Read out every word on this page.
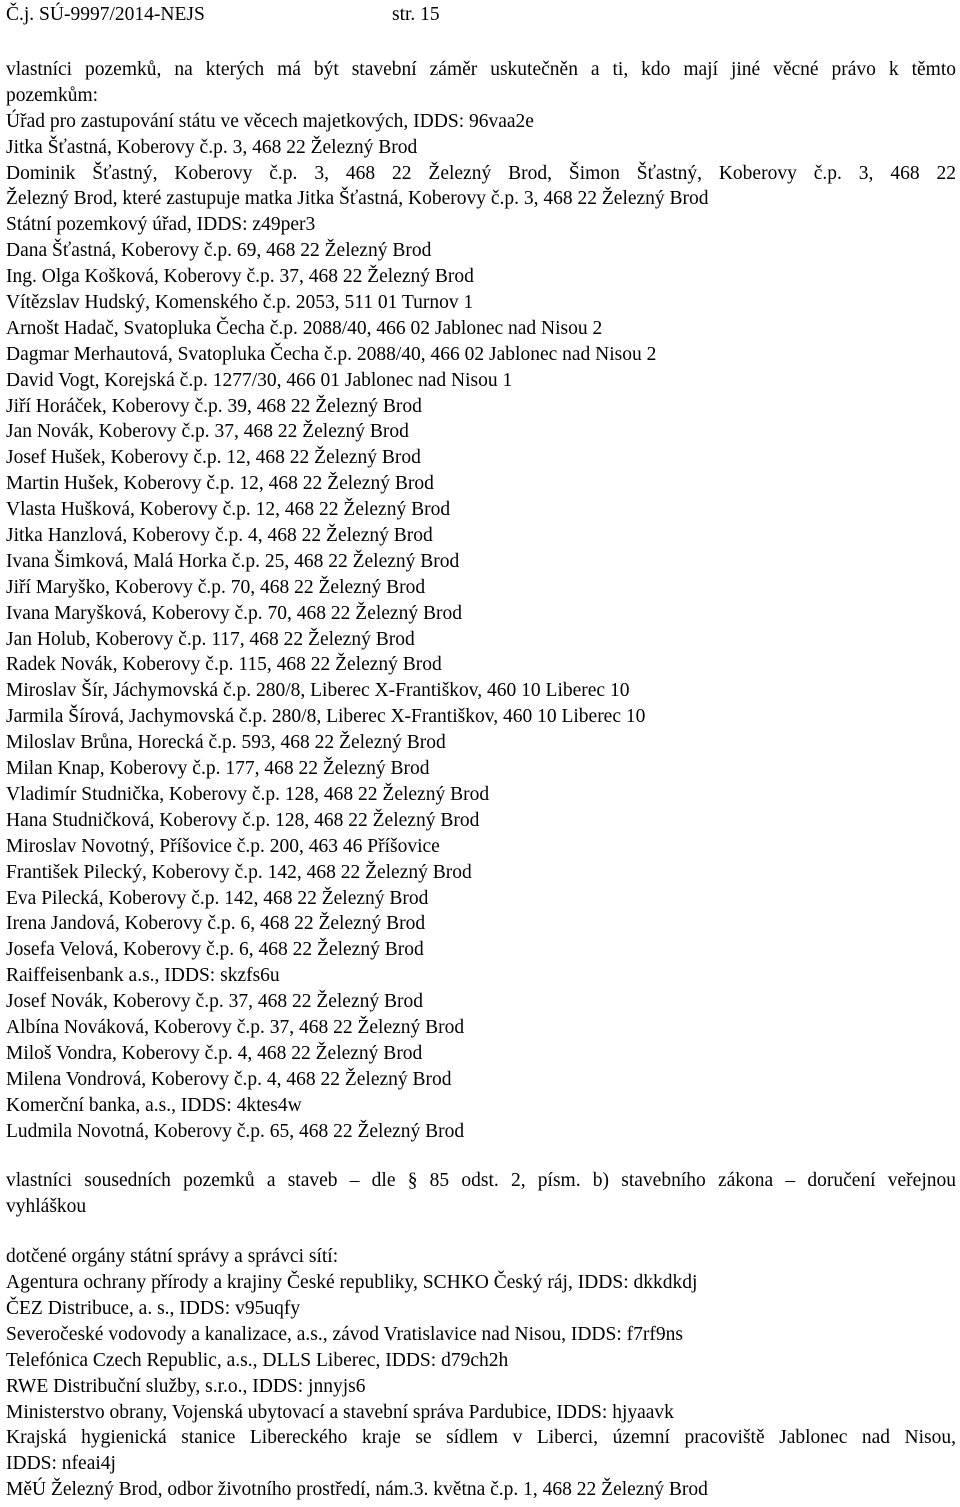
Č.j. SÚ-9997/2014-NEJS	str. 15
vlastníci pozemků, na kterých má být stavební záměr uskutečněn a ti, kdo mají jiné věcné právo k těmto
pozemkům:
Úřad pro zastupování státu ve věcech majetkových, IDDS: 96vaa2e
Jitka Šťastná, Koberovy č.p. 3, 468 22 Železný Brod
Dominik Šťastný, Koberovy č.p. 3, 468 22 Železný Brod, Šimon Šťastný, Koberovy č.p. 3, 468 22
Železný Brod, které zastupuje matka Jitka Šťastná, Koberovy č.p. 3, 468 22 Železný Brod
Státní pozemkový úřad, IDDS: z49per3
Dana Šťastná, Koberovy č.p. 69, 468 22 Železný Brod
Ing. Olga Košková, Koberovy č.p. 37, 468 22 Železný Brod
Vítězslav Hudský, Komenského č.p. 2053, 511 01 Turnov 1
Arnošt Hadač, Svatopluka Čecha č.p. 2088/40, 466 02 Jablonec nad Nisou 2
Dagmar Merhautová, Svatopluka Čecha č.p. 2088/40, 466 02 Jablonec nad Nisou 2
David Vogt, Korejská č.p. 1277/30, 466 01 Jablonec nad Nisou 1
Jiří Horáček, Koberovy č.p. 39, 468 22 Železný Brod
Jan Novák, Koberovy č.p. 37, 468 22 Železný Brod
Josef Hušek, Koberovy č.p. 12, 468 22 Železný Brod
Martin Hušek, Koberovy č.p. 12, 468 22 Železný Brod
Vlasta Hušková, Koberovy č.p. 12, 468 22 Železný Brod
Jitka Hanzlová, Koberovy č.p. 4, 468 22 Železný Brod
Ivana Šimková, Malá Horka č.p. 25, 468 22 Železný Brod
Jiří Maryško, Koberovy č.p. 70, 468 22 Železný Brod
Ivana Maryšková, Koberovy č.p. 70, 468 22 Železný Brod
Jan Holub, Koberovy č.p. 117, 468 22 Železný Brod
Radek Novák, Koberovy č.p. 115, 468 22 Železný Brod
Miroslav Šír, Jáchymovská č.p. 280/8, Liberec X-Františkov, 460 10 Liberec 10
Jarmila Šírová, Jachymovská č.p. 280/8, Liberec X-Františkov, 460 10 Liberec 10
Miloslav Brůna, Horecká č.p. 593, 468 22 Železný Brod
Milan Knap, Koberovy č.p. 177, 468 22 Železný Brod
Vladimír Studnička, Koberovy č.p. 128, 468 22 Železný Brod
Hana Studničková, Koberovy č.p. 128, 468 22 Železný Brod
Miroslav Novotný, Příšovice č.p. 200, 463 46 Příšovice
František Pilecký, Koberovy č.p. 142, 468 22 Železný Brod
Eva Pilecká, Koberovy č.p. 142, 468 22 Železný Brod
Irena Jandová, Koberovy č.p. 6, 468 22 Železný Brod
Josefa Velová, Koberovy č.p. 6, 468 22 Železný Brod
Raiffeisenbank a.s., IDDS: skzfs6u
Josef Novák, Koberovy č.p. 37, 468 22 Železný Brod
Albína Nováková, Koberovy č.p. 37, 468 22 Železný Brod
Miloš Vondra, Koberovy č.p. 4, 468 22 Železný Brod
Milena Vondrová, Koberovy č.p. 4, 468 22 Železný Brod
Komerční banka, a.s., IDDS: 4ktes4w
Ludmila Novotná, Koberovy č.p. 65, 468 22 Železný Brod
vlastníci sousedních pozemků a staveb – dle § 85 odst. 2, písm. b) stavebního zákona – doručení veřejnou
vyhláškou
dotčené orgány státní správy a správci sítí:
Agentura ochrany přírody a krajiny České republiky, SCHKO Český ráj, IDDS: dkkdkdj
ČEZ Distribuce, a. s., IDDS: v95uqfy
Severočeské vodovody a kanalizace, a.s., závod Vratislavice nad Nisou, IDDS: f7rf9ns
Telefónica Czech Republic, a.s., DLLS Liberec, IDDS: d79ch2h
RWE Distribuční služby, s.r.o., IDDS: jnnyjs6
Ministerstvo obrany, Vojenská ubytovací a stavební správa Pardubice, IDDS: hjyaavk
Krajská hygienická stanice Libereckého kraje se sídlem v Liberci, územní pracoviště Jablonec nad Nisou,
IDDS: nfeai4j
MěÚ Železný Brod, odbor životního prostředí, nám.3. května č.p. 1, 468 22 Železný Brod
